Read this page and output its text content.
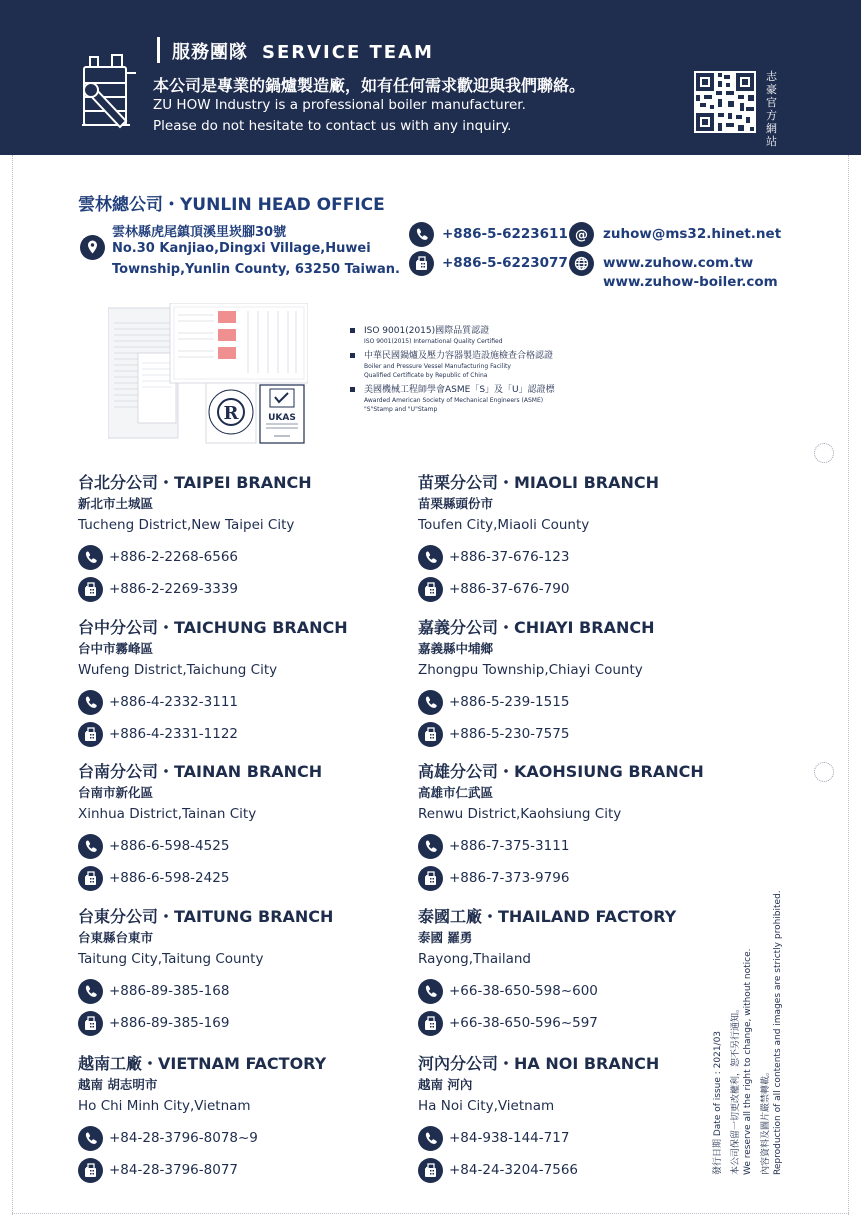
服務團隊 SERVICE TEAM
本公司是專業的鍋爐製造廠，如有任何需求歡迎與我們聯絡。
ZU HOW Industry is a professional boiler manufacturer.
Please do not hesitate to contact us with any inquiry.
志豪官方網站
雲林總公司・YUNLIN HEAD OFFICE
雲林縣虎尾鎮頂溪里崁腳30號
No.30 Kanjiao,Dingxi Village,Huwei
Township,Yunlin County, 63250 Taiwan.
+886-5-6223611
+886-5-6223077
@ zuhow@ms32.hinet.net
www.zuhow.com.tw
www.zuhow-boiler.com
R	UKAS
ISO 9001(2015)國際品質認證
ISO 9001(2015) International Quality Certified
中華民國鍋爐及壓力容器製造設施檢查合格認證
Boiler and Pressure Vessel Manufacturing Facility
Qualified Certificate by Republic of China
美國機械工程師學會ASME「S」及「U」認證標
Awarded American Society of Mechanical Engineers (ASME)
"S"Stamp and "U"Stamp
台北分公司・TAIPEI BRANCH
新北市土城區
Tucheng District,New Taipei City
+886-2-2268-6566
+886-2-2269-3339
苗栗分公司・MIAOLI BRANCH
苗栗縣頭份市
Toufen City,Miaoli County
+886-37-676-123
+886-37-676-790
台中分公司・TAICHUNG BRANCH
台中市霧峰區
Wufeng District,Taichung City
+886-4-2332-3111
+886-4-2331-1122
嘉義分公司・CHIAYI BRANCH
嘉義縣中埔鄉
Zhongpu Township,Chiayi County
+886-5-239-1515
+886-5-230-7575
台南分公司・TAINAN BRANCH
台南市新化區
Xinhua District,Tainan City
+886-6-598-4525
+886-6-598-2425
高雄分公司・KAOHSIUNG BRANCH
高雄市仁武區
Renwu District,Kaohsiung City
+886-7-375-3111
+886-7-373-9796
台東分公司・TAITUNG BRANCH
台東縣台東市
Taitung City,Taitung County
+886-89-385-168
+886-89-385-169
泰國工廠・THAILAND FACTORY
泰國 羅勇
Rayong,Thailand
+66-38-650-598~600
+66-38-650-596~597
越南工廠・VIETNAM FACTORY
越南 胡志明市
Ho Chi Minh City,Vietnam
+84-28-3796-8078~9
+84-28-3796-8077
河內分公司・HA NOI BRANCH
越南 河內
Ha Noi City,Vietnam
+84-938-144-717
+84-24-3204-7566	發行日期 Date of issue : 2021/03 本公司保留一切更改權利，恕不另行通知。 We reserve all the right to change, without notice. 內容資料及圖片嚴禁轉載。 Reproduction of all contents and images are strictly prohibited.
